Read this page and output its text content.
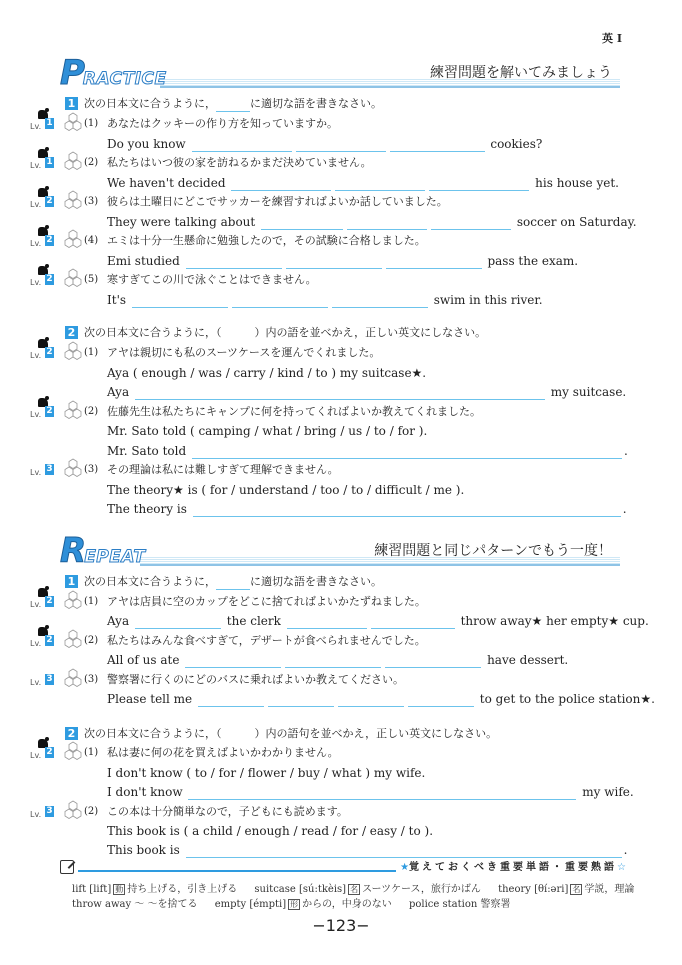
英 I
P
RACTICE	練習問題を解いてみましょう
1 次の日本文に合うように，	に適切な語を書きなさい。
Lv. 1	(1) あなたはクッキーの作り方を知っていますか。
Do you know	cookies?
Lv. 1	(2) 私たちはいつ彼の家を訪ねるかまだ決めていません。
We haven't decided	his house yet.
Lv. 2	(3) 彼らは土曜日にどこでサッカーを練習すればよいか話していました。
They were talking about	soccer on Saturday.
Lv. 2	(4) エミは十分一生懸命に勉強したので，その試験に合格しました。
Emi studied	pass the exam.
Lv. 2	(5) 寒すぎてこの川で泳ぐことはできません。
It's	swim in this river.
2 次の日本文に合うように，（　　　）内の語を並べかえ，正しい英文にしなさい。
Lv. 2	(1) アヤは親切にも私のスーツケースを運んでくれました。
Aya ( enough / was / carry / kind / to ) my suitcase★.
Aya	my suitcase.
Lv. 2	(2) 佐藤先生は私たちにキャンプに何を持ってくればよいか教えてくれました。
Mr. Sato told ( camping / what / bring / us / to / for ).
Mr. Sato told	.
Lv. 3	(3) その理論は私には難しすぎて理解できません。
The theory★ is ( for / understand / too / to / difficult / me ).
The theory is	.
R
EPEAT	練習問題と同じパターンでもう一度！
1 次の日本文に合うように，	に適切な語を書きなさい。
Lv. 2	(1) アヤは店員に空のカップをどこに捨てればよいかたずねました。
Aya	the clerk	throw away★ her empty★ cup.
Lv. 2	(2) 私たちはみんな食べすぎて，デザートが食べられませんでした。
All of us ate	have dessert.
Lv. 3	(3) 警察署に行くのにどのバスに乗ればよいか教えてください。
Please tell me	to get to the police station★.
2 次の日本文に合うように，（　　　）内の語句を並べかえ，正しい英文にしなさい。
Lv. 2	(1) 私は妻に何の花を買えばよいかわかりません。
I don't know ( to / for / flower / buy / what ) my wife.
I don't know	my wife.
Lv. 3	(2) この本は十分簡単なので，子どもにも読めます。
This book is ( a child / enough / read / for / easy / to ).
This book is	.
★覚えておくべき重要単語・重要熟語☆
lift [lift] 動 持ち上げる，引き上げる suitcase [sú:tkèis] 名 スーツケース，旅行かばん theory [θí:əri] 名 学説，理論
throw away ～ ～を捨てる empty [émpti] 形 からの，中身のない police station 警察署
−123−
